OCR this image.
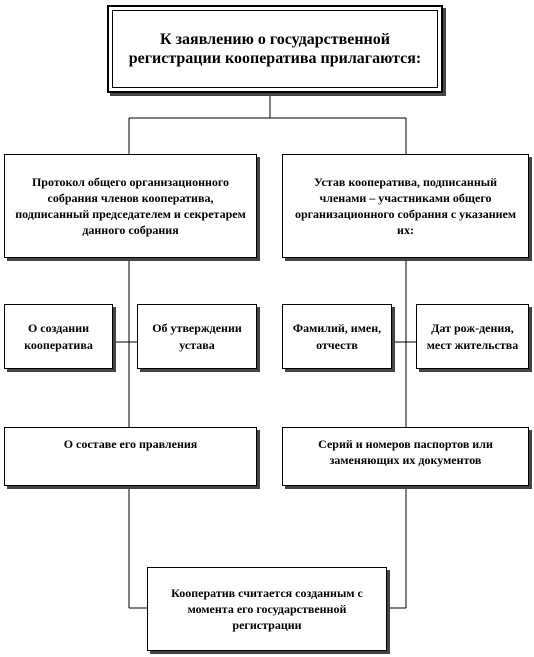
К заявлению о государственной регистрации кооператива прилагаются:
Протокол общего организационного собрания членов кооператива, подписанный председателем и секретарем данного собрания
Устав кооператива, подписанный членами – участниками общего организационного собрания с указанием их:
О создании кооператива
Об утверждении устава
Фамилий, имен, отчеств
Дат рож-дения, мест жительства
О составе его правления	Серий и номеров паспортов или заменяющих их документов
Кооператив считается созданным с момента его государственной регистрации
